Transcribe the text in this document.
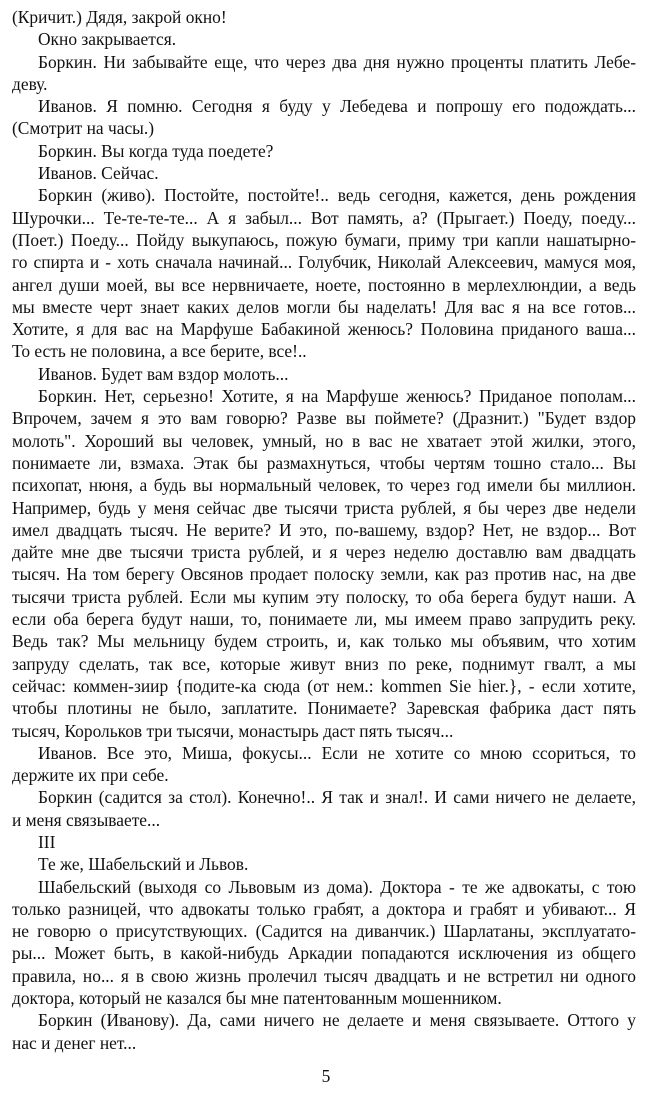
(Кричит.) Дядя, закрой окно!
Окно закрывается.
Боркин. Ни забывайте еще, что через два дня нужно проценты платить Лебе-
деву.
Иванов. Я помню. Сегодня я буду у Лебедева и попрошу его подождать...
(Смотрит на часы.)
Боркин. Вы когда туда поедете?
Иванов. Сейчас.
Боркин (живо). Постойте, постойте!.. ведь сегодня, кажется, день рождения
Шурочки... Те-те-те-те... А я забыл... Вот память, а? (Прыгает.) Поеду, поеду...
(Поет.) Поеду... Пойду выкупаюсь, пожую бумаги, приму три капли нашатырно-
го спирта и - хоть сначала начинай... Голубчик, Николай Алексеевич, мамуся моя,
ангел души моей, вы все нервничаете, ноете, постоянно в мерлехлюндии, а ведь
мы вместе черт знает каких делов могли бы наделать! Для вас я на все готов...
Хотите, я для вас на Марфуше Бабакиной женюсь? Половина приданого ваша...
То есть не половина, а все берите, все!..
Иванов. Будет вам вздор молоть...
Боркин. Нет, серьезно! Хотите, я на Марфуше женюсь? Приданое пополам...
Впрочем, зачем я это вам говорю? Разве вы поймете? (Дразнит.) "Будет вздор
молоть". Хороший вы человек, умный, но в вас не хватает этой жилки, этого,
понимаете ли, взмаха. Этак бы размахнуться, чтобы чертям тошно стало... Вы
психопат, нюня, а будь вы нормальный человек, то через год имели бы миллион.
Например, будь у меня сейчас две тысячи триста рублей, я бы через две недели
имел двадцать тысяч. Не верите? И это, по-вашему, вздор? Нет, не вздор... Вот
дайте мне две тысячи триста рублей, и я через неделю доставлю вам двадцать
тысяч. На том берегу Овсянов продает полоску земли, как раз против нас, на две
тысячи триста рублей. Если мы купим эту полоску, то оба берега будут наши. А
если оба берега будут наши, то, понимаете ли, мы имеем право запрудить реку.
Ведь так? Мы мельницу будем строить, и, как только мы объявим, что хотим
запруду сделать, так все, которые живут вниз по реке, поднимут гвалт, а мы
сейчас: коммен-зиир {подите-ка сюда (от нем.: kommen Sie hier.}, - если хотите,
чтобы плотины не было, заплатите. Понимаете? Заревская фабрика даст пять
тысяч, Корольков три тысячи, монастырь даст пять тысяч...
Иванов. Все это, Миша, фокусы... Если не хотите со мною ссориться, то
держите их при себе.
Боркин (садится за стол). Конечно!.. Я так и знал!. И сами ничего не делаете,
и меня связываете...
III
Те же, Шабельский и Львов.
Шабельский (выходя со Львовым из дома). Доктора - те же адвокаты, с тою
только разницей, что адвокаты только грабят, а доктора и грабят и убивают... Я
не говорю о присутствующих. (Садится на диванчик.) Шарлатаны, эксплуатато-
ры... Может быть, в какой-нибудь Аркадии попадаются исключения из общего
правила, но... я в свою жизнь пролечил тысяч двадцать и не встретил ни одного
доктора, который не казался бы мне патентованным мошенником.
Боркин (Иванову). Да, сами ничего не делаете и меня связываете. Оттого у
нас и денег нет...
5
